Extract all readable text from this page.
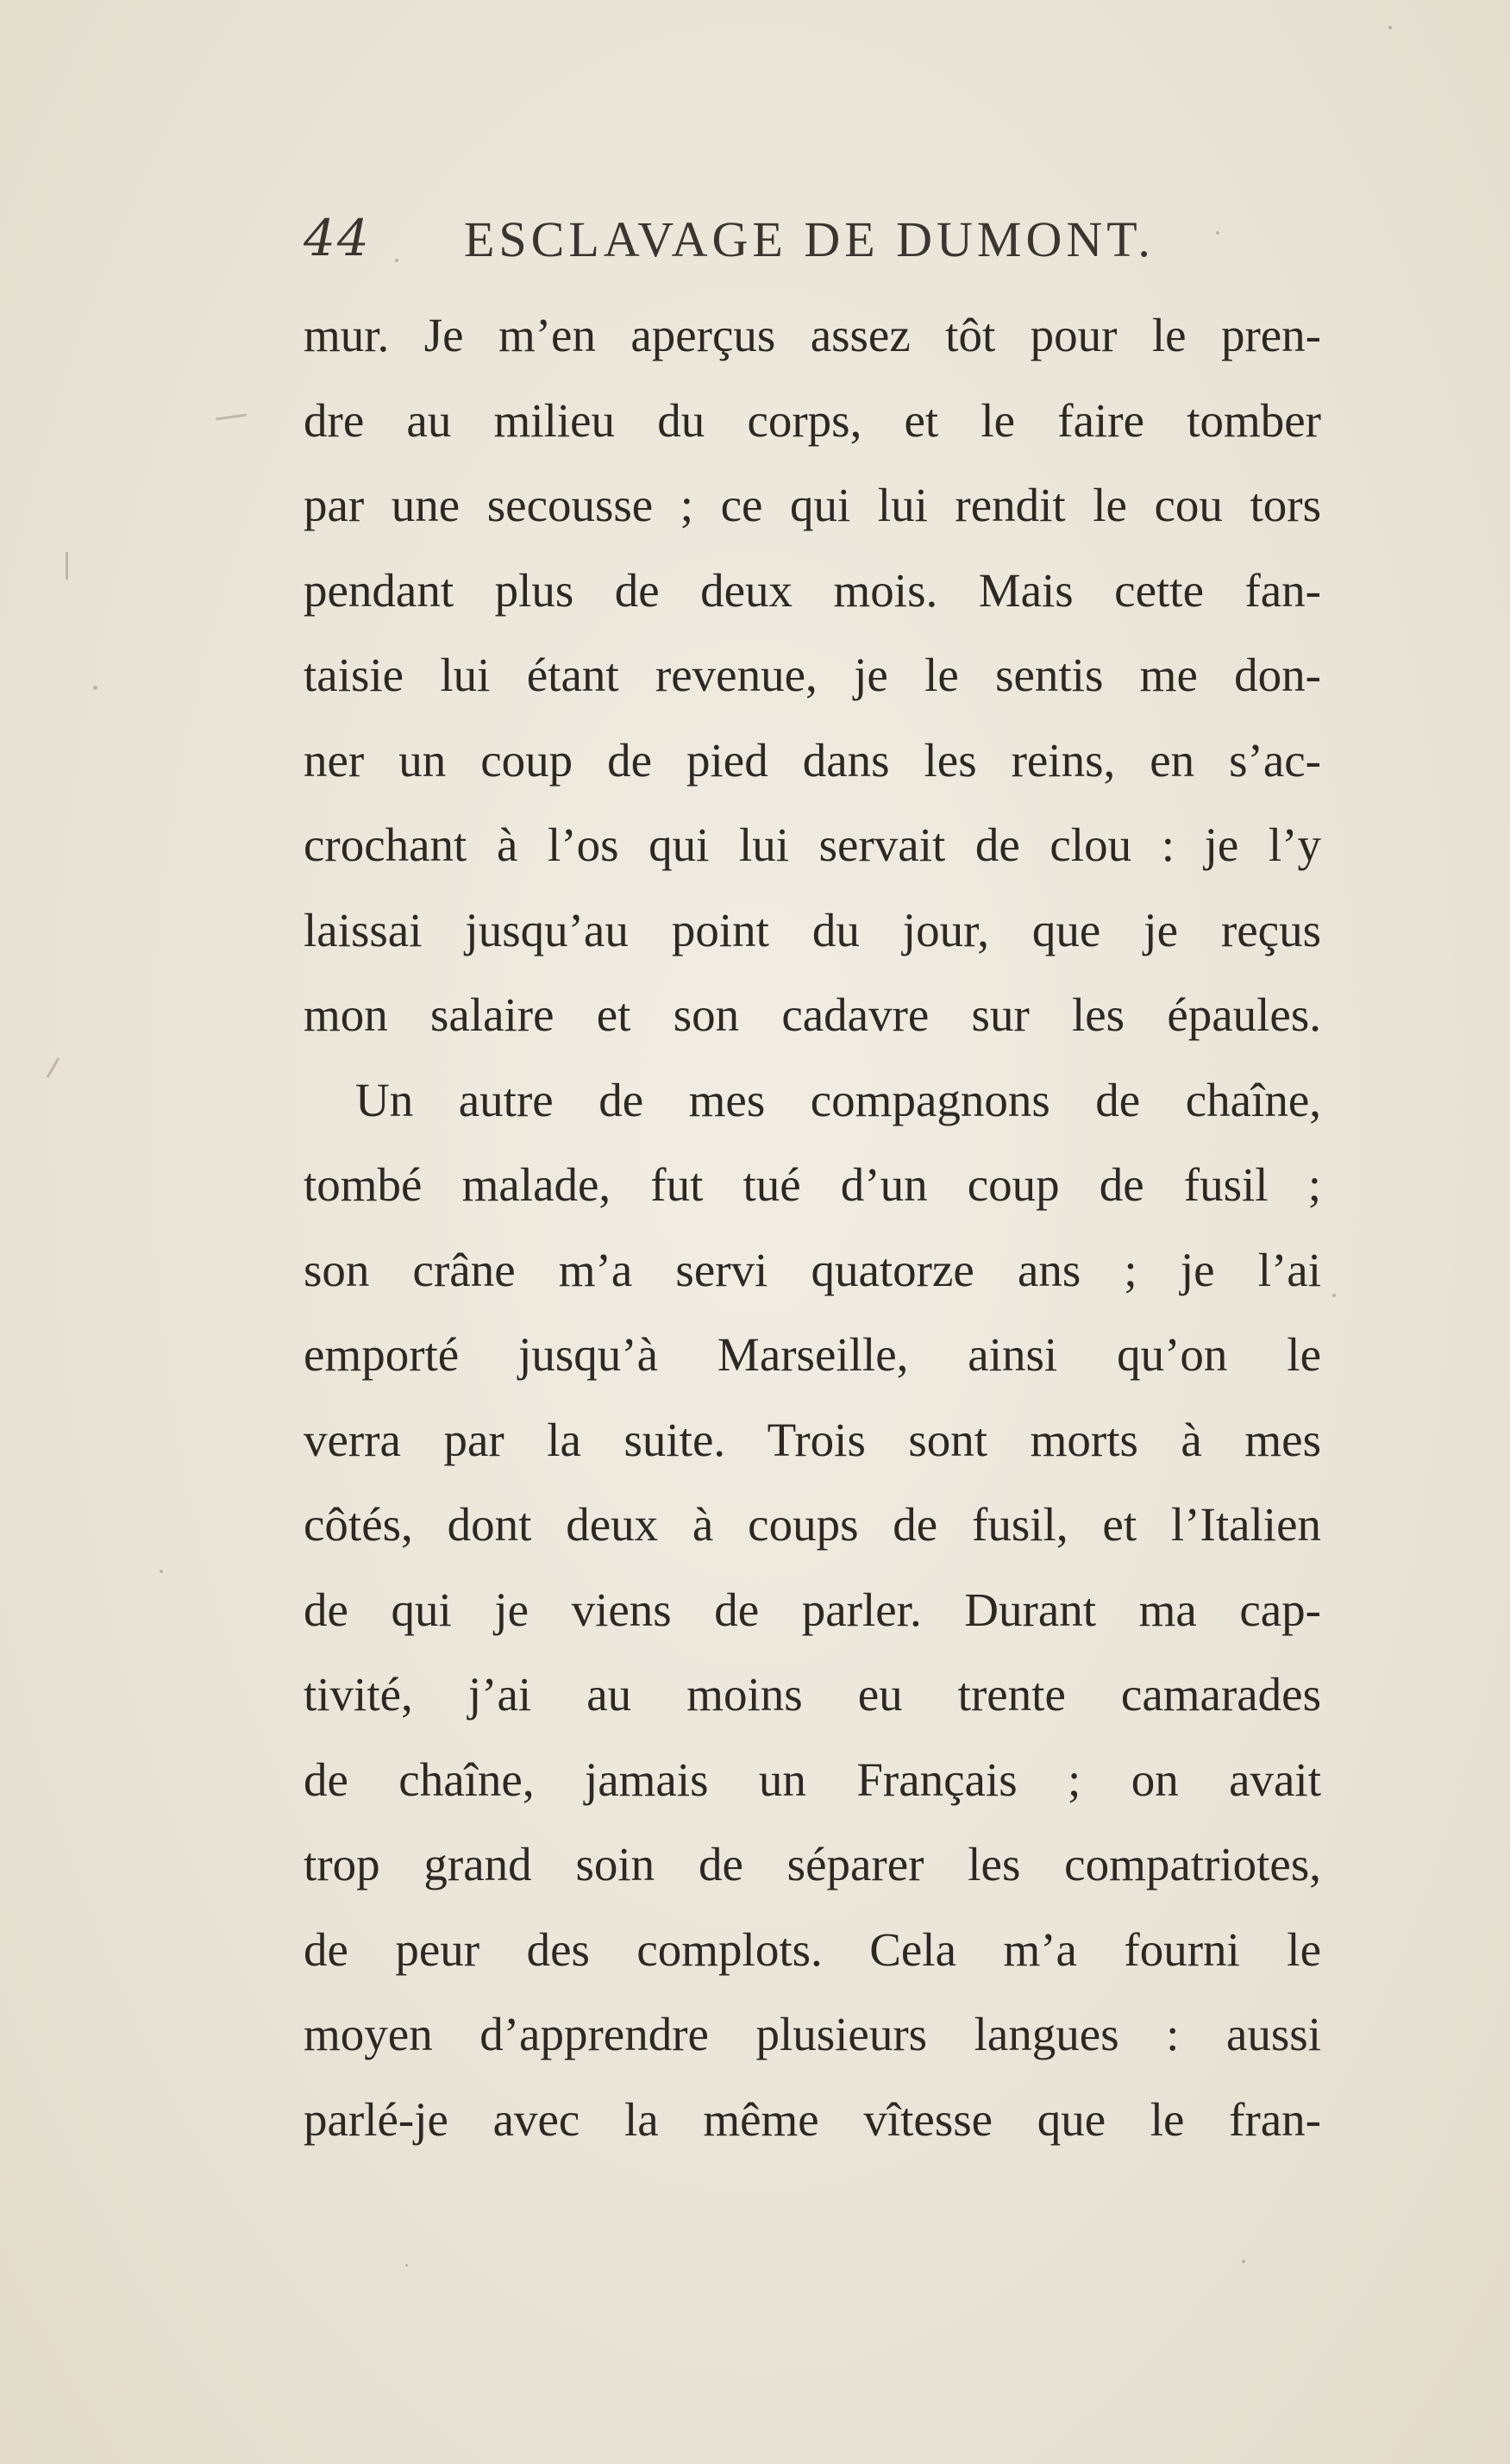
44 ESCLAVAGE DE DUMONT.
mur. Je m’en aperçus assez tôt pour le pren-
dre au milieu du corps, et le faire tomber
par une secousse ; ce qui lui rendit le cou tors
pendant plus de deux mois. Mais cette fan-
taisie lui étant revenue, je le sentis me don-
ner un coup de pied dans les reins, en s’ac-
crochant à l’os qui lui servait de clou : je l’y
laissai jusqu’au point du jour, que je reçus
mon salaire et son cadavre sur les épaules.
Un autre de mes compagnons de chaîne,
tombé malade, fut tué d’un coup de fusil ;
son crâne m’a servi quatorze ans ; je l’ai
emporté jusqu’à Marseille, ainsi qu’on le
verra par la suite. Trois sont morts à mes
côtés, dont deux à coups de fusil, et l’Italien
de qui je viens de parler. Durant ma cap-
tivité, j’ai au moins eu trente camarades
de chaîne, jamais un Français ; on avait
trop grand soin de séparer les compatriotes,
de peur des complots. Cela m’a fourni le
moyen d’apprendre plusieurs langues : aussi
parlé-je avec la même vîtesse que le fran-
